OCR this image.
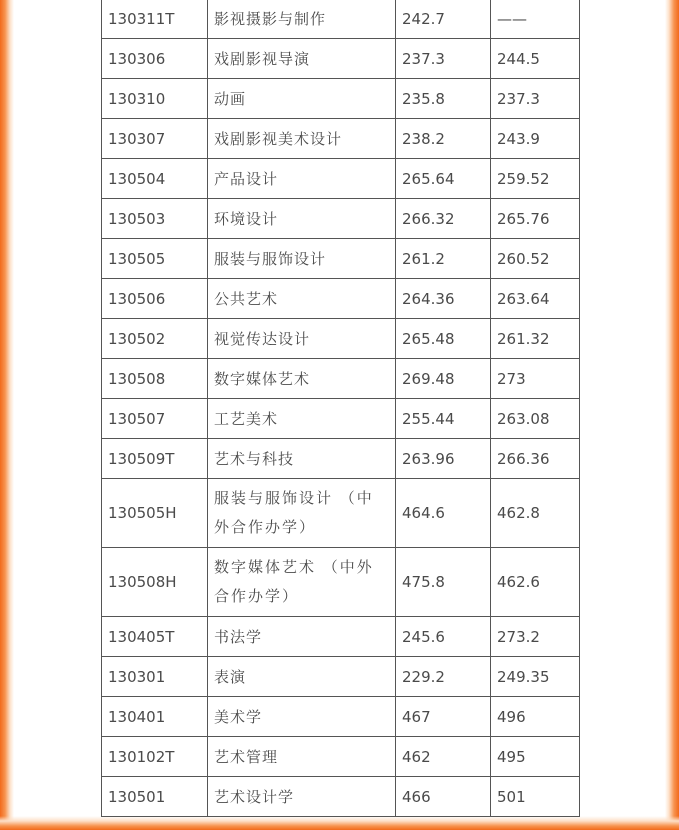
130311T	影视摄影与制作	242.7	——
130306	戏剧影视导演	237.3	244.5
130310	动画	235.8	237.3
130307	戏剧影视美术设计	238.2	243.9
130504	产品设计	265.64	259.52
130503	环境设计	266.32	265.76
130505	服装与服饰设计	261.2	260.52
130506	公共艺术	264.36	263.64
130502	视觉传达设计	265.48	261.32
130508	数字媒体艺术	269.48	273
130507	工艺美术	255.44	263.08
130509T	艺术与科技	263.96	266.36
130505H	服装与服饰设计 （中外合作办学）	464.6	462.8
130508H	数字媒体艺术 （中外合作办学）	475.8	462.6
130405T	书法学	245.6	273.2
130301	表演	229.2	249.35
130401	美术学	467	496
130102T	艺术管理	462	495
130501	艺术设计学	466	501
